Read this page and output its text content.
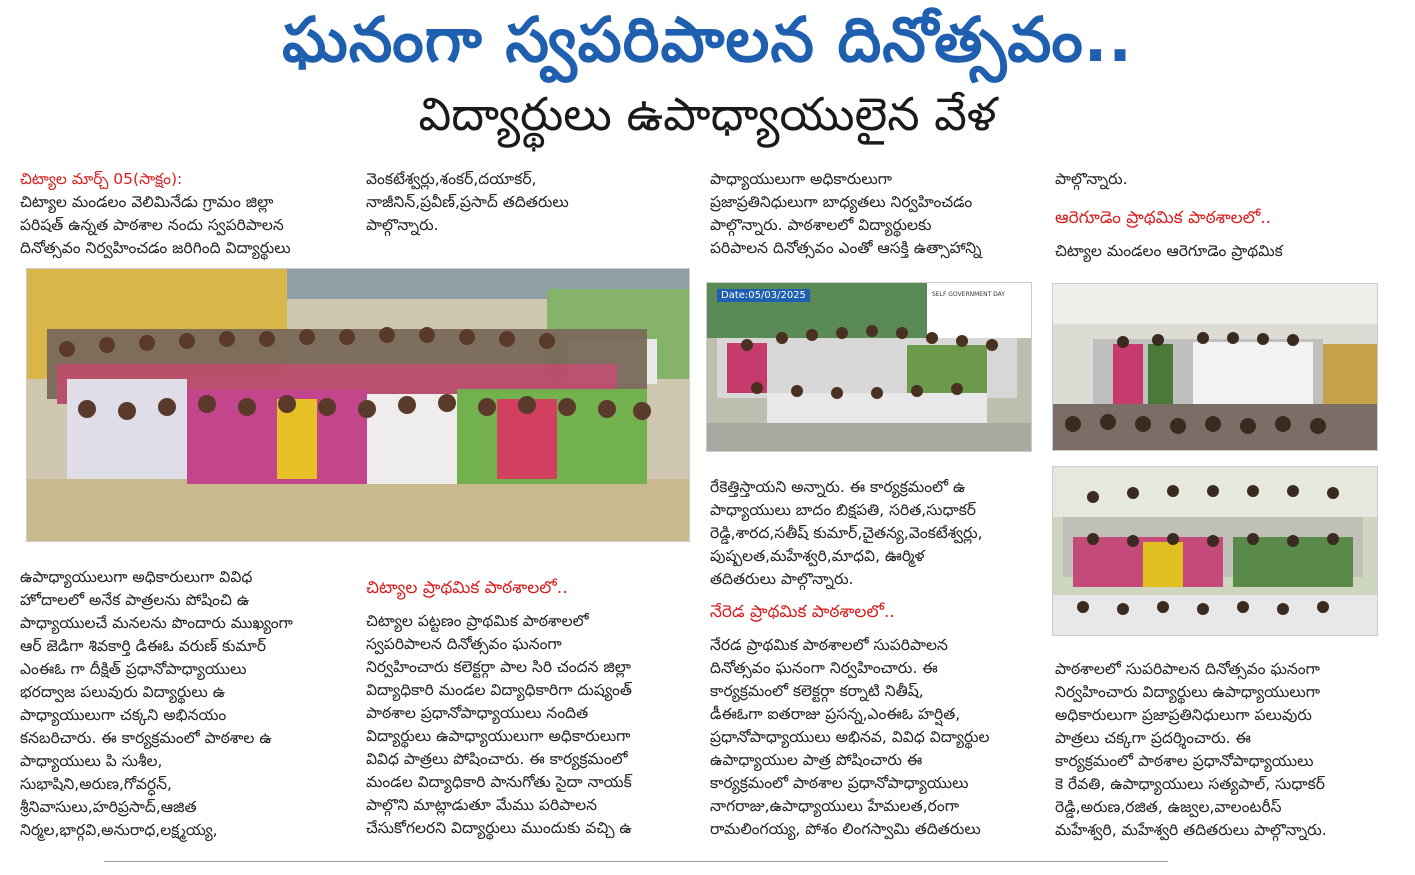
ఘనంగా స్వపరిపాలన దినోత్సవం..
విద్యార్థులు ఉపాధ్యాయులైన వేళ

చిట్యాల మార్చ్ 05(సాక్షం):

చిట్యాల మండలం వెలిమినేడు గ్రామం జిల్లా

పరిషత్ ఉన్నత పాఠశాల నందు స్వపరిపాలన

దినోత్సవం నిర్వహించడం జరిగింది విద్యార్థులు

ఉపాధ్యాయులుగా అధికారులుగా వివిధ

హోదాలలో అనేక పాత్రలను పోషించి ఉ

పాధ్యాయులచే మనలను పొందారు ముఖ్యంగా

ఆర్ జెడిగా శివకార్తి డిఈఓ వరుణ్ కుమార్

ఎంఈఓ గా దీక్షిత్ ప్రధానోపాధ్యాయులు

భరద్వాజ పలువురు విద్యార్థులు ఉ

పాధ్యాయులుగా చక్కని అభినయం

కనబరిచారు. ఈ కార్యక్రమంలో పాఠశాల ఉ

పాధ్యాయులు పి సుశీల,

సుభాషిని,అరుణ,గోవర్ధన్,

శ్రీనివాసులు,హరిప్రసాద్,ఆజిత

నిర్మల,భార్గవి,అనురాధ,లక్ష్మయ్య,

వెంకటేశ్వర్లు,శంకర్,దయాకర్,

నాజీనిన్,ప్రవీణ్,ప్రసాద్ తదితరులు

పాల్గొన్నారు.

చిట్యాల ప్రాథమిక పాఠశాలలో..

చిట్యాల పట్టణం ప్రాథమిక పాఠశాలలో

స్వపరిపాలన దినోత్సవం ఘనంగా

నిర్వహించారు కలెక్టర్గా పాల సిరి చందన జిల్లా

విద్యాధికారి మండల విద్యాధికారిగా దుష్యంత్

పాఠశాల ప్రధానోపాధ్యాయులు నందిత

విద్యార్థులు ఉపాధ్యాయులుగా అధికారులుగా

వివిధ పాత్రలు పోషించారు. ఈ కార్యక్రమంలో

మండల విద్యాధికారి పానుగోతు సైదా నాయక్

పాల్గొని మాట్లాడుతూ మేము పరిపాలన

చేసుకోగలరని విద్యార్థులు ముందుకు వచ్చి ఉ

పాధ్యాయులుగా అధికారులుగా

ప్రజాప్రతినిధులుగా బాధ్యతలు నిర్వహించడం

పాల్గొన్నారు. పాఠశాలలో విద్యార్థులకు

పరిపాలన దినోత్సవం ఎంతో ఆసక్తి ఉత్సాహాన్ని

Date:05/03/2025	SELF GOVERNMENT DAY

రేకెత్తిస్తాయని అన్నారు. ఈ కార్యక్రమంలో ఉ

పాధ్యాయులు బాదం బిక్షపతి, సరిత,సుధాకర్

రెడ్డి,శారద,సతీష్ కుమార్,చైతన్య,వెంకటేశ్వర్లు,

పుష్పలత,మహేశ్వరి,మాధవి, ఊర్మిళ

తదితరులు పాల్గొన్నారు.

నేరెడ ప్రాథమిక పాఠశాలలో..

నేరడ ప్రాథమిక పాఠశాలలో సుపరిపాలన

దినోత్సవం ఘనంగా నిర్వహించారు. ఈ

కార్యక్రమంలో కలెక్టర్గా కర్నాటి నితీష్,

డీఈఓగా ఐతరాజు ప్రసన్న,ఎంఈఓ హర్షిత,

ప్రధానోపాధ్యాయులు అభినవ, వివిధ విద్యార్థుల

ఉపాధ్యాయుల పాత్ర పోషించారు ఈ

కార్యక్రమంలో పాఠశాల ప్రధానోపాధ్యాయులు

నాగరాజు,ఉపాధ్యాయులు హేమలత,రంగా

రామలింగయ్య, పోశం లింగస్వామి తదితరులు

పాల్గొన్నారు.

ఆరెగూడెం ప్రాథమిక పాఠశాలలో..

చిట్యాల మండలం ఆరెగూడెం ప్రాథమిక

పాఠశాలలో సుపరిపాలన దినోత్సవం ఘనంగా

నిర్వహించారు విద్యార్థులు ఉపాధ్యాయులుగా

అధికారులుగా ప్రజాప్రతినిధులుగా పలువురు

పాత్రలు చక్కగా ప్రదర్శించారు. ఈ

కార్యక్రమంలో పాఠశాల ప్రధానోపాధ్యాయులు

కె రేవతి, ఉపాధ్యాయులు సత్యపాల్, సుధాకర్

రెడ్డి,అరుణ,రజిత, ఉజ్వల,వాలంటరీస్

మహేశ్వరి, మహేశ్వరి తదితరులు పాల్గొన్నారు.
